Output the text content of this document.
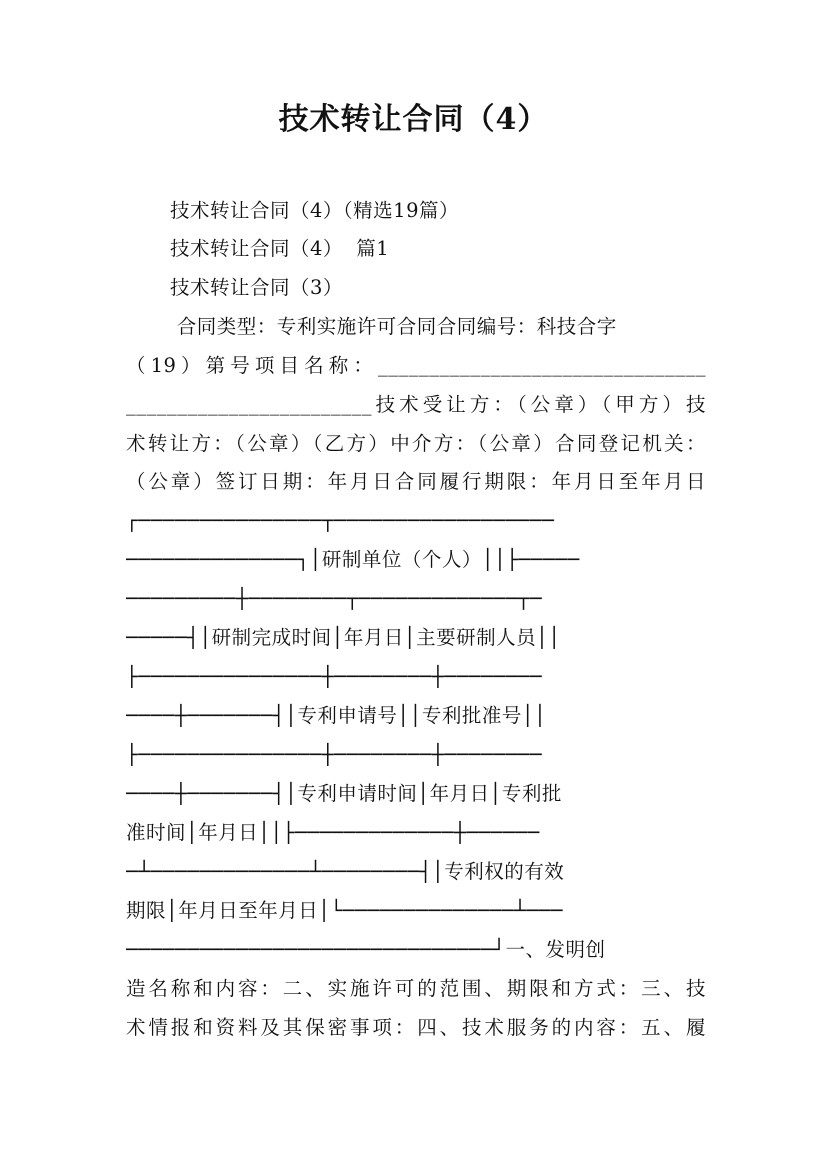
技术转让合同（4）
技术转让合同（4）（精选19篇）
技术转让合同（4）  篇1
技术转让合同（3）
合同类型：专利实施许可合同合同编号：科技合字
（19）第号项目名称：________________________________
________________________技术受让方：（公章）（甲方）技
术转让方：（公章）（乙方）中介方：（公章）合同登记机关：
（公章）签订日期：年月日合同履行期限：年月日至年月日
┌───────────────┬──────────────────
──────────────┐│研制单位（个人）││├─────
─────────┼────────┬─────────────┬─
─────┤│研制完成时间│年月日│主要研制人员││
├───────────────┼────────┼────────
────┼───────┤│专利申请号││专利批准号││
├───────────────┼────────┼────────
────┼───────┤│专利申请时间│年月日│专利批
准时间│年月日││├─────────────┼──────
─┴─────────────┴────────┤│专利权的有效
期限│年月日至年月日│└──────────────┴───
──────────────────────────────┘一、发明创
造名称和内容：二、实施许可的范围、期限和方式：三、技
术情报和资料及其保密事项：四、技术服务的内容：五、履
